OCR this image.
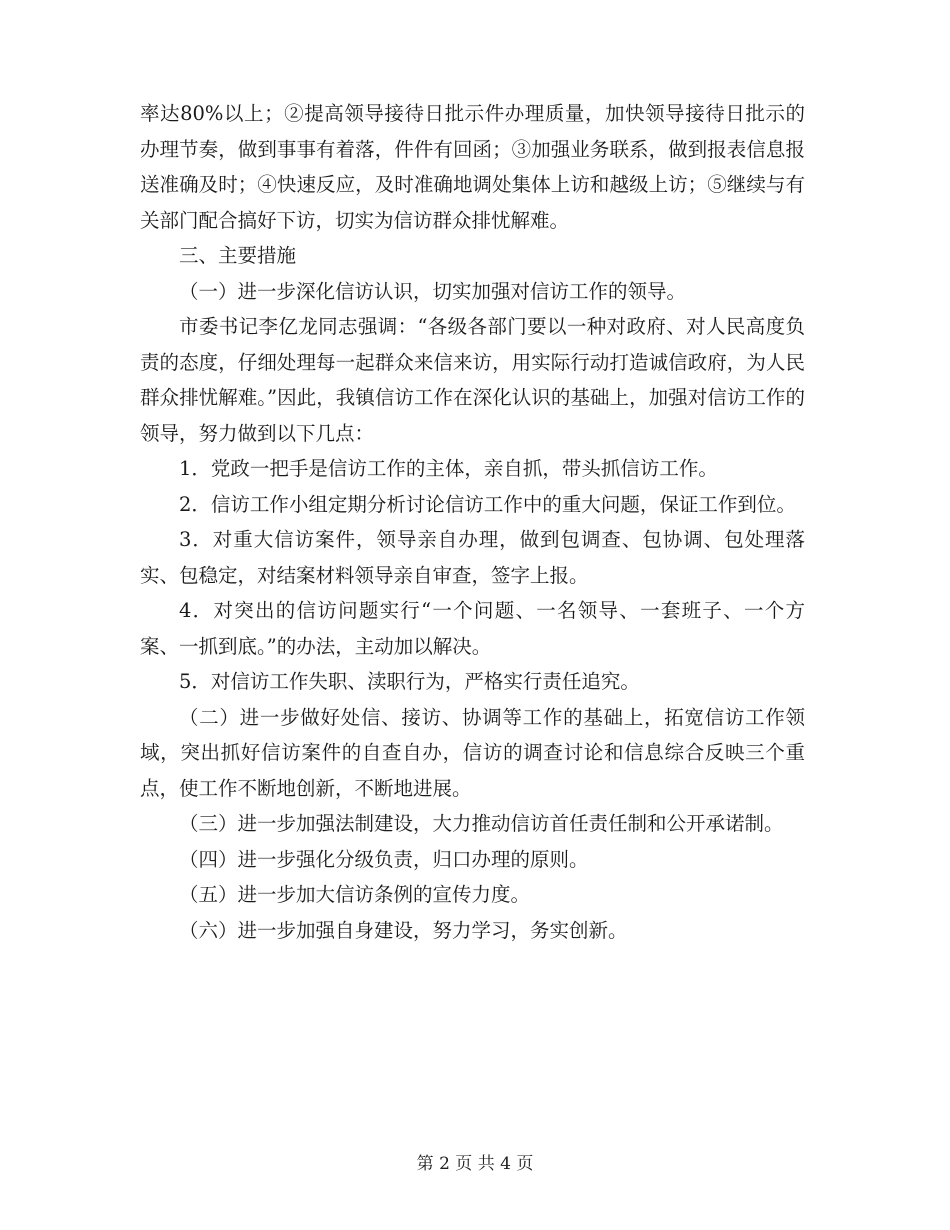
率达80%以上；②提高领导接待日批示件办理质量，加快领导接待日批示的办理节奏，做到事事有着落，件件有回函；③加强业务联系，做到报表信息报送准确及时；④快速反应，及时准确地调处集体上访和越级上访；⑤继续与有关部门配合搞好下访，切实为信访群众排忧解难。

三、主要措施

（一）进一步深化信访认识，切实加强对信访工作的领导。

市委书记李亿龙同志强调：“各级各部门要以一种对政府、对人民高度负责的态度，仔细处理每一起群众来信来访，用实际行动打造诚信政府，为人民群众排忧解难。”因此，我镇信访工作在深化认识的基础上，加强对信访工作的领导，努力做到以下几点：

1．党政一把手是信访工作的主体，亲自抓，带头抓信访工作。

2．信访工作小组定期分析讨论信访工作中的重大问题，保证工作到位。

3．对重大信访案件，领导亲自办理，做到包调查、包协调、包处理落实、包稳定，对结案材料领导亲自审查，签字上报。

4．对突出的信访问题实行“一个问题、一名领导、一套班子、一个方案、一抓到底。”的办法，主动加以解决。

5．对信访工作失职、渎职行为，严格实行责任追究。

（二）进一步做好处信、接访、协调等工作的基础上，拓宽信访工作领域，突出抓好信访案件的自查自办，信访的调查讨论和信息综合反映三个重点，使工作不断地创新，不断地进展。

（三）进一步加强法制建设，大力推动信访首任责任制和公开承诺制。

（四）进一步强化分级负责，归口办理的原则。

（五）进一步加大信访条例的宣传力度。

（六）进一步加强自身建设，努力学习，务实创新。

第 2 页 共 4 页
